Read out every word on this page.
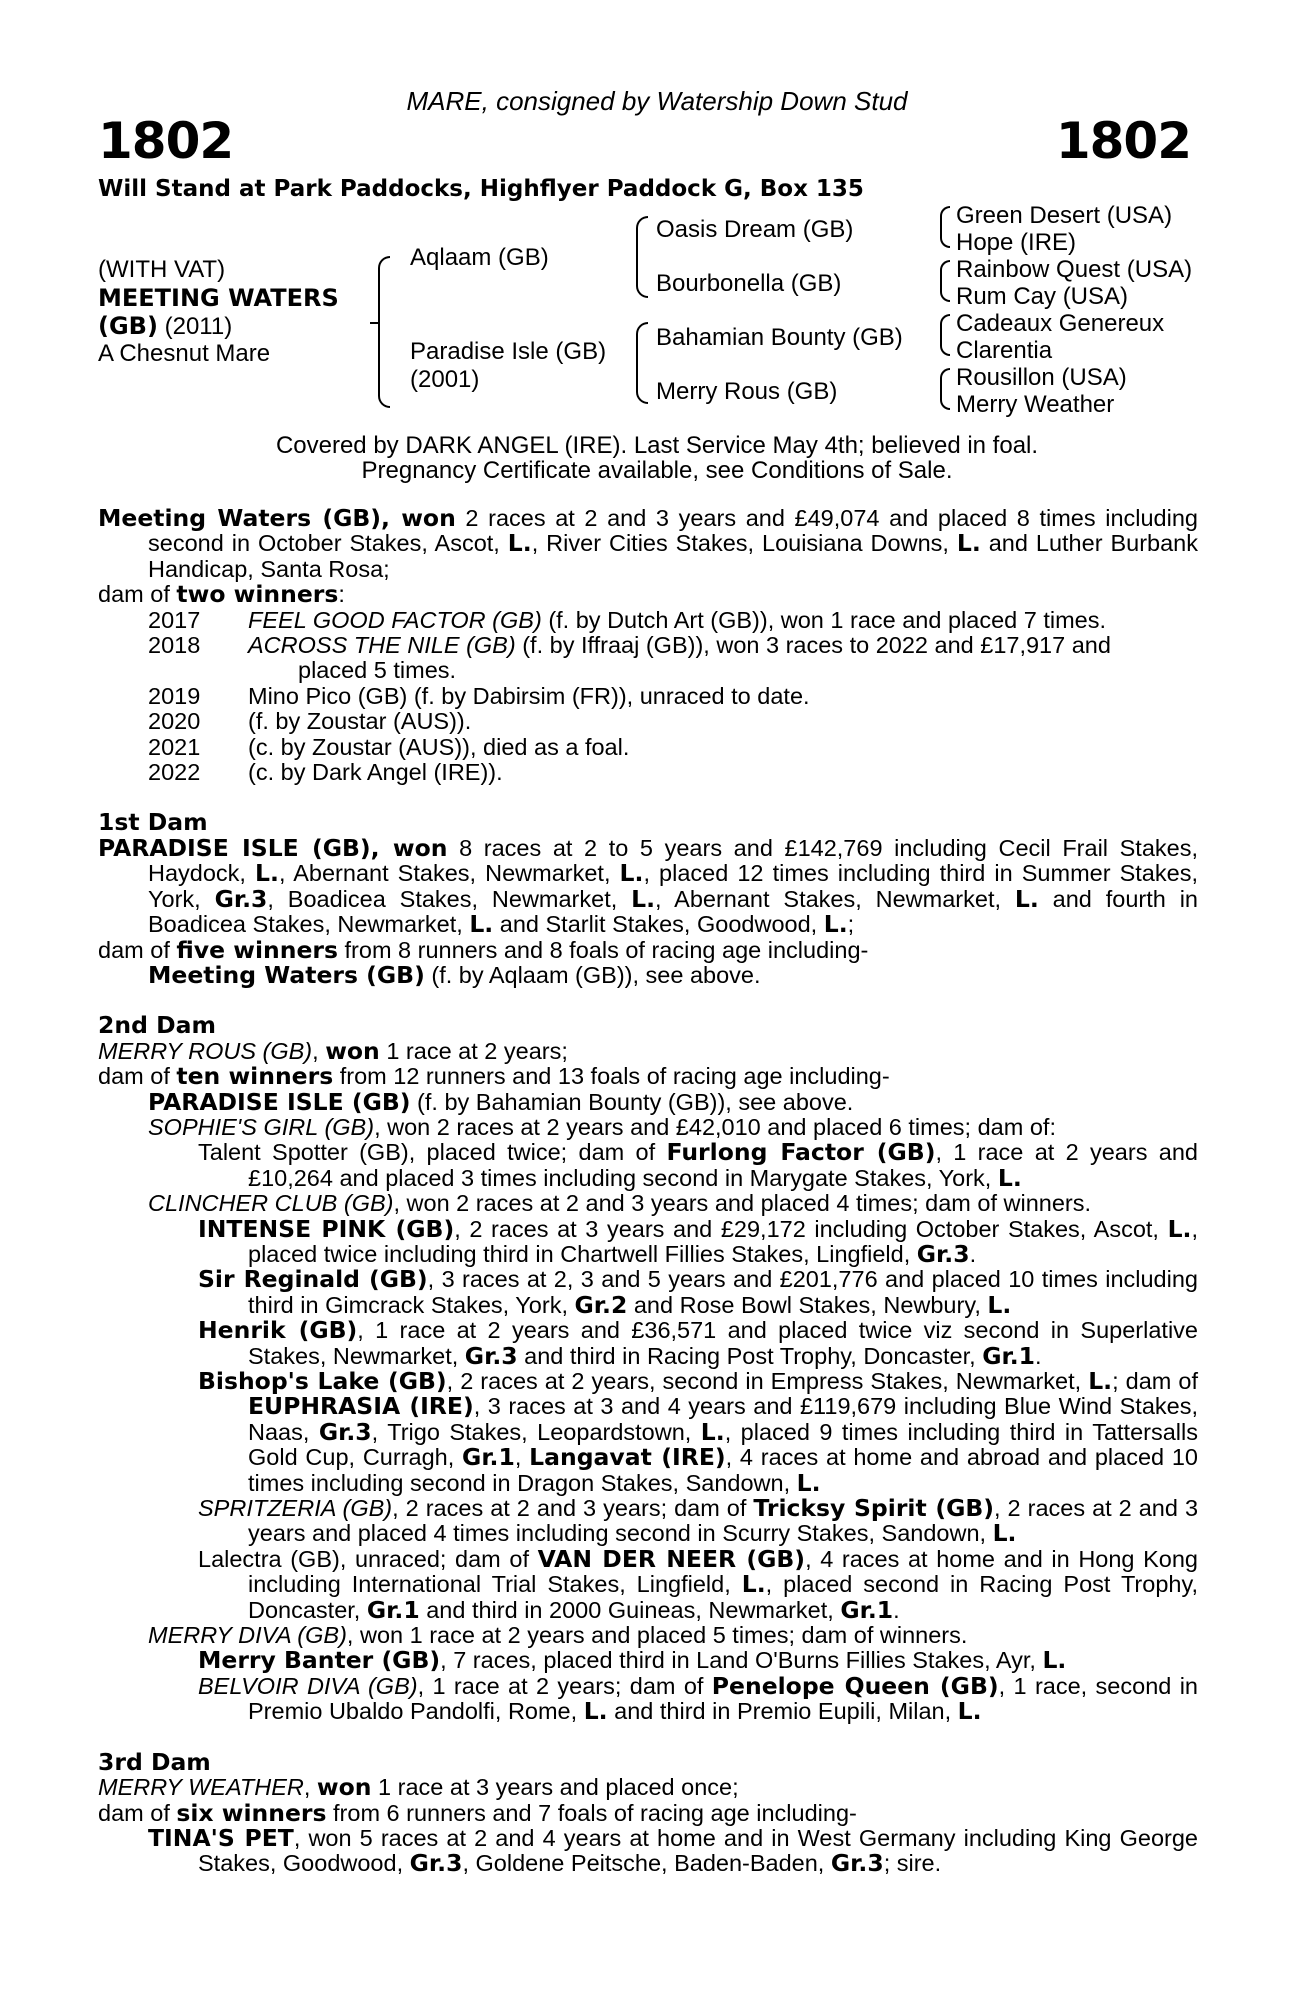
MARE, consigned by Watership Down Stud
1802	1802
Will Stand at Park Paddocks, Highflyer Paddock G, Box 135
(WITH VAT)
MEETING WATERS
(GB) (2011)
A Chesnut Mare
Aqlaam (GB)
Paradise Isle (GB)
(2001)
Oasis Dream (GB)
Bourbonella (GB)
Bahamian Bounty (GB)
Merry Rous (GB)
Green Desert (USA)
Hope (IRE)
Rainbow Quest (USA)
Rum Cay (USA)
Cadeaux Genereux
Clarentia
Rousillon (USA)
Merry Weather
Covered by DARK ANGEL (IRE). Last Service May 4th; believed in foal.
Pregnancy Certificate available, see Conditions of Sale.

Meeting Waters (GB), won 2 races at 2 and 3 years and £49,074 and placed 8 times including second in October Stakes, Ascot, L., River Cities Stakes, Louisiana Downs, L. and Luther Burbank Handicap, Santa Rosa;

dam of two winners:

2017	FEEL GOOD FACTOR (GB) (f. by Dutch Art (GB)), won 1 race and placed 7 times.
2018	ACROSS THE NILE (GB) (f. by Iffraaj (GB)), won 3 races to 2022 and £17,917 and
placed 5 times.
2019	Mino Pico (GB) (f. by Dabirsim (FR)), unraced to date.
2020	(f. by Zoustar (AUS)).
2021	(c. by Zoustar (AUS)), died as a foal.
2022	(c. by Dark Angel (IRE)).

1st Dam

PARADISE ISLE (GB), won 8 races at 2 to 5 years and £142,769 including Cecil Frail Stakes, Haydock, L., Abernant Stakes, Newmarket, L., placed 12 times including third in Summer Stakes, York, Gr.3, Boadicea Stakes, Newmarket, L., Abernant Stakes, Newmarket, L. and fourth in Boadicea Stakes, Newmarket, L. and Starlit Stakes, Goodwood, L.;

dam of five winners from 8 runners and 8 foals of racing age including-

Meeting Waters (GB) (f. by Aqlaam (GB)), see above.

2nd Dam

MERRY ROUS (GB), won 1 race at 2 years;

dam of ten winners from 12 runners and 13 foals of racing age including-

PARADISE ISLE (GB) (f. by Bahamian Bounty (GB)), see above.

SOPHIE'S GIRL (GB), won 2 races at 2 years and £42,010 and placed 6 times; dam of:

Talent Spotter (GB), placed twice; dam of Furlong Factor (GB), 1 race at 2 years and £10,264 and placed 3 times including second in Marygate Stakes, York, L.

CLINCHER CLUB (GB), won 2 races at 2 and 3 years and placed 4 times; dam of winners.

INTENSE PINK (GB), 2 races at 3 years and £29,172 including October Stakes, Ascot, L., placed twice including third in Chartwell Fillies Stakes, Lingfield, Gr.3.

Sir Reginald (GB), 3 races at 2, 3 and 5 years and £201,776 and placed 10 times including third in Gimcrack Stakes, York, Gr.2 and Rose Bowl Stakes, Newbury, L.

Henrik (GB), 1 race at 2 years and £36,571 and placed twice viz second in Superlative Stakes, Newmarket, Gr.3 and third in Racing Post Trophy, Doncaster, Gr.1.

Bishop's Lake (GB), 2 races at 2 years, second in Empress Stakes, Newmarket, L.; dam of EUPHRASIA (IRE), 3 races at 3 and 4 years and £119,679 including Blue Wind Stakes, Naas, Gr.3, Trigo Stakes, Leopardstown, L., placed 9 times including third in Tattersalls Gold Cup, Curragh, Gr.1, Langavat (IRE), 4 races at home and abroad and placed 10 times including second in Dragon Stakes, Sandown, L.

SPRITZERIA (GB), 2 races at 2 and 3 years; dam of Tricksy Spirit (GB), 2 races at 2 and 3 years and placed 4 times including second in Scurry Stakes, Sandown, L.

Lalectra (GB), unraced; dam of VAN DER NEER (GB), 4 races at home and in Hong Kong including International Trial Stakes, Lingfield, L., placed second in Racing Post Trophy, Doncaster, Gr.1 and third in 2000 Guineas, Newmarket, Gr.1.

MERRY DIVA (GB), won 1 race at 2 years and placed 5 times; dam of winners.

Merry Banter (GB), 7 races, placed third in Land O'Burns Fillies Stakes, Ayr, L.

BELVOIR DIVA (GB), 1 race at 2 years; dam of Penelope Queen (GB), 1 race, second in Premio Ubaldo Pandolfi, Rome, L. and third in Premio Eupili, Milan, L.

3rd Dam

MERRY WEATHER, won 1 race at 3 years and placed once;

dam of six winners from 6 runners and 7 foals of racing age including-

TINA'S PET, won 5 races at 2 and 4 years at home and in West Germany including King George Stakes, Goodwood, Gr.3, Goldene Peitsche, Baden-Baden, Gr.3; sire.
